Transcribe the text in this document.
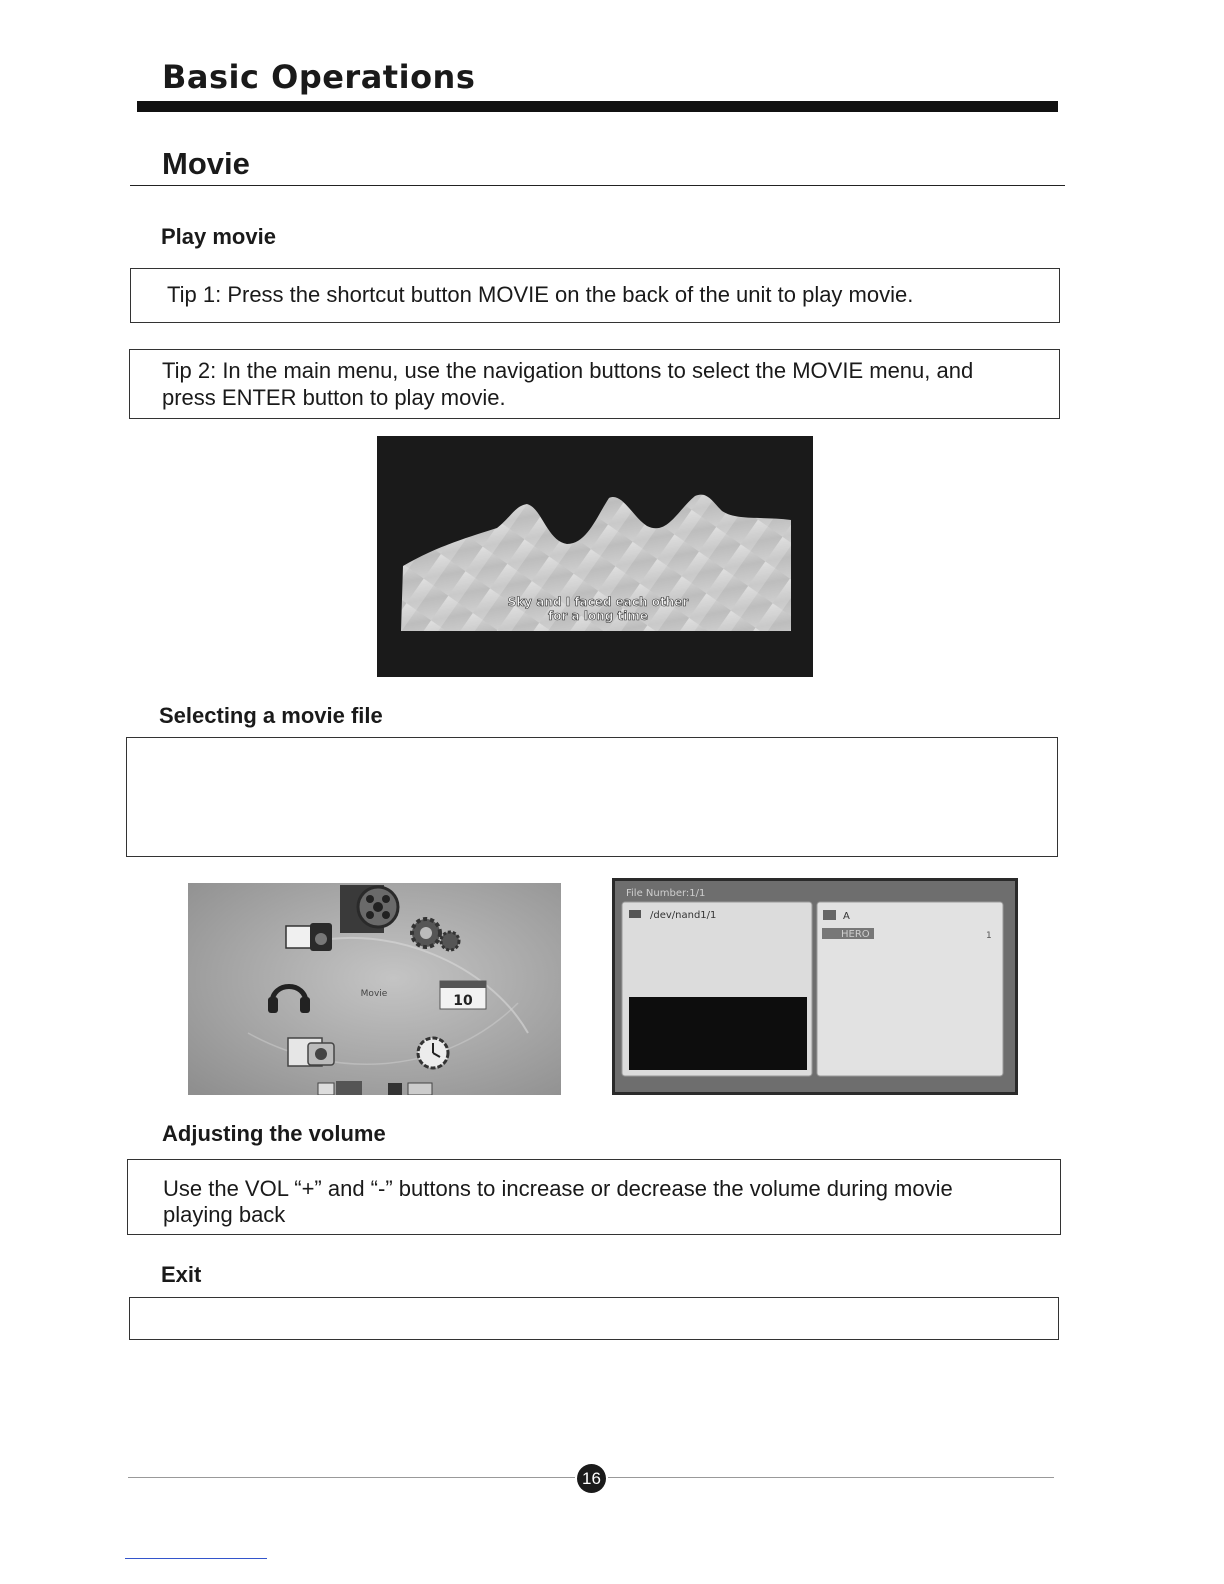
Basic Operations
Movie
Play movie
Tip 1: Press the shortcut button MOVIE on the back of the unit to play movie.
Tip 2: In the main menu, use the navigation buttons to select the MOVIE menu, and
press ENTER button to play movie.
Sky and I faced each other
for a long time
Selecting a movie file
Movie	10
File Number:1/1
/dev/nand1/1	A
HERO	1
Adjusting the volume
Use the VOL “+” and “-” buttons to increase or decrease the volume during movie
playing back
Exit
16
